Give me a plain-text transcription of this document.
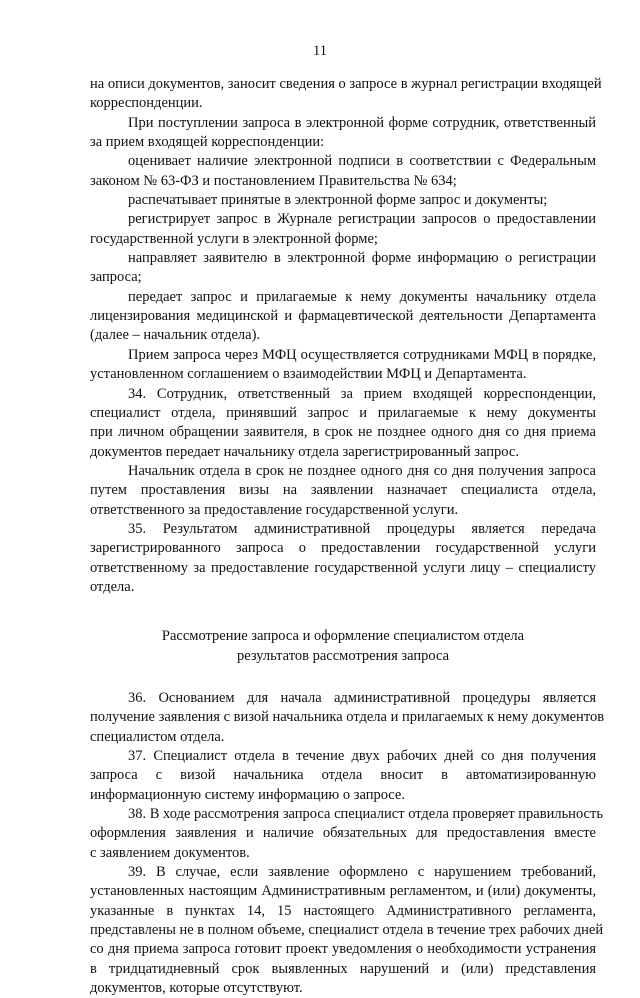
11
на описи документов, заносит сведения о запросе в журнал регистрации входящей
корреспонденции.
При поступлении запроса в электронной форме сотрудник, ответственный
за прием входящей корреспонденции:
оценивает наличие электронной подписи в соответствии с Федеральным
законом № 63-ФЗ и постановлением Правительства № 634;
распечатывает принятые в электронной форме запрос и документы;
регистрирует запрос в Журнале регистрации запросов о предоставлении
государственной услуги в электронной форме;
направляет заявителю в электронной форме информацию о регистрации
запроса;
передает запрос и прилагаемые к нему документы начальнику отдела
лицензирования медицинской и фармацевтической деятельности Департамента
(далее – начальник отдела).
Прием запроса через МФЦ осуществляется сотрудниками МФЦ в порядке,
установленном соглашением о взаимодействии МФЦ и Департамента.
34. Сотрудник, ответственный за прием входящей корреспонденции,
специалист отдела, принявший запрос и прилагаемые к нему документы
при личном обращении заявителя, в срок не позднее одного дня со дня приема
документов передает начальнику отдела зарегистрированный запрос.
Начальник отдела в срок не позднее одного дня со дня получения запроса
путем проставления визы на заявлении назначает специалиста отдела,
ответственного за предоставление государственной услуги.
35. Результатом административной процедуры является передача
зарегистрированного запроса о предоставлении государственной услуги
ответственному за предоставление государственной услуги лицу – специалисту
отдела.
Рассмотрение запроса и оформление специалистом отдела
результатов рассмотрения запроса
36. Основанием для начала административной процедуры является
получение заявления с визой начальника отдела и прилагаемых к нему документов
специалистом отдела.
37. Специалист отдела в течение двух рабочих дней со дня получения
запроса с визой начальника отдела вносит в автоматизированную
информационную систему информацию о запросе.
38. В ходе рассмотрения запроса специалист отдела проверяет правильность
оформления заявления и наличие обязательных для предоставления вместе
с заявлением документов.
39. В случае, если заявление оформлено с нарушением требований,
установленных настоящим Административным регламентом, и (или) документы,
указанные в пунктах 14, 15 настоящего Административного регламента,
представлены не в полном объеме, специалист отдела в течение трех рабочих дней
со дня приема запроса готовит проект уведомления о необходимости устранения
в тридцатидневный срок выявленных нарушений и (или) представления
документов, которые отсутствуют.
